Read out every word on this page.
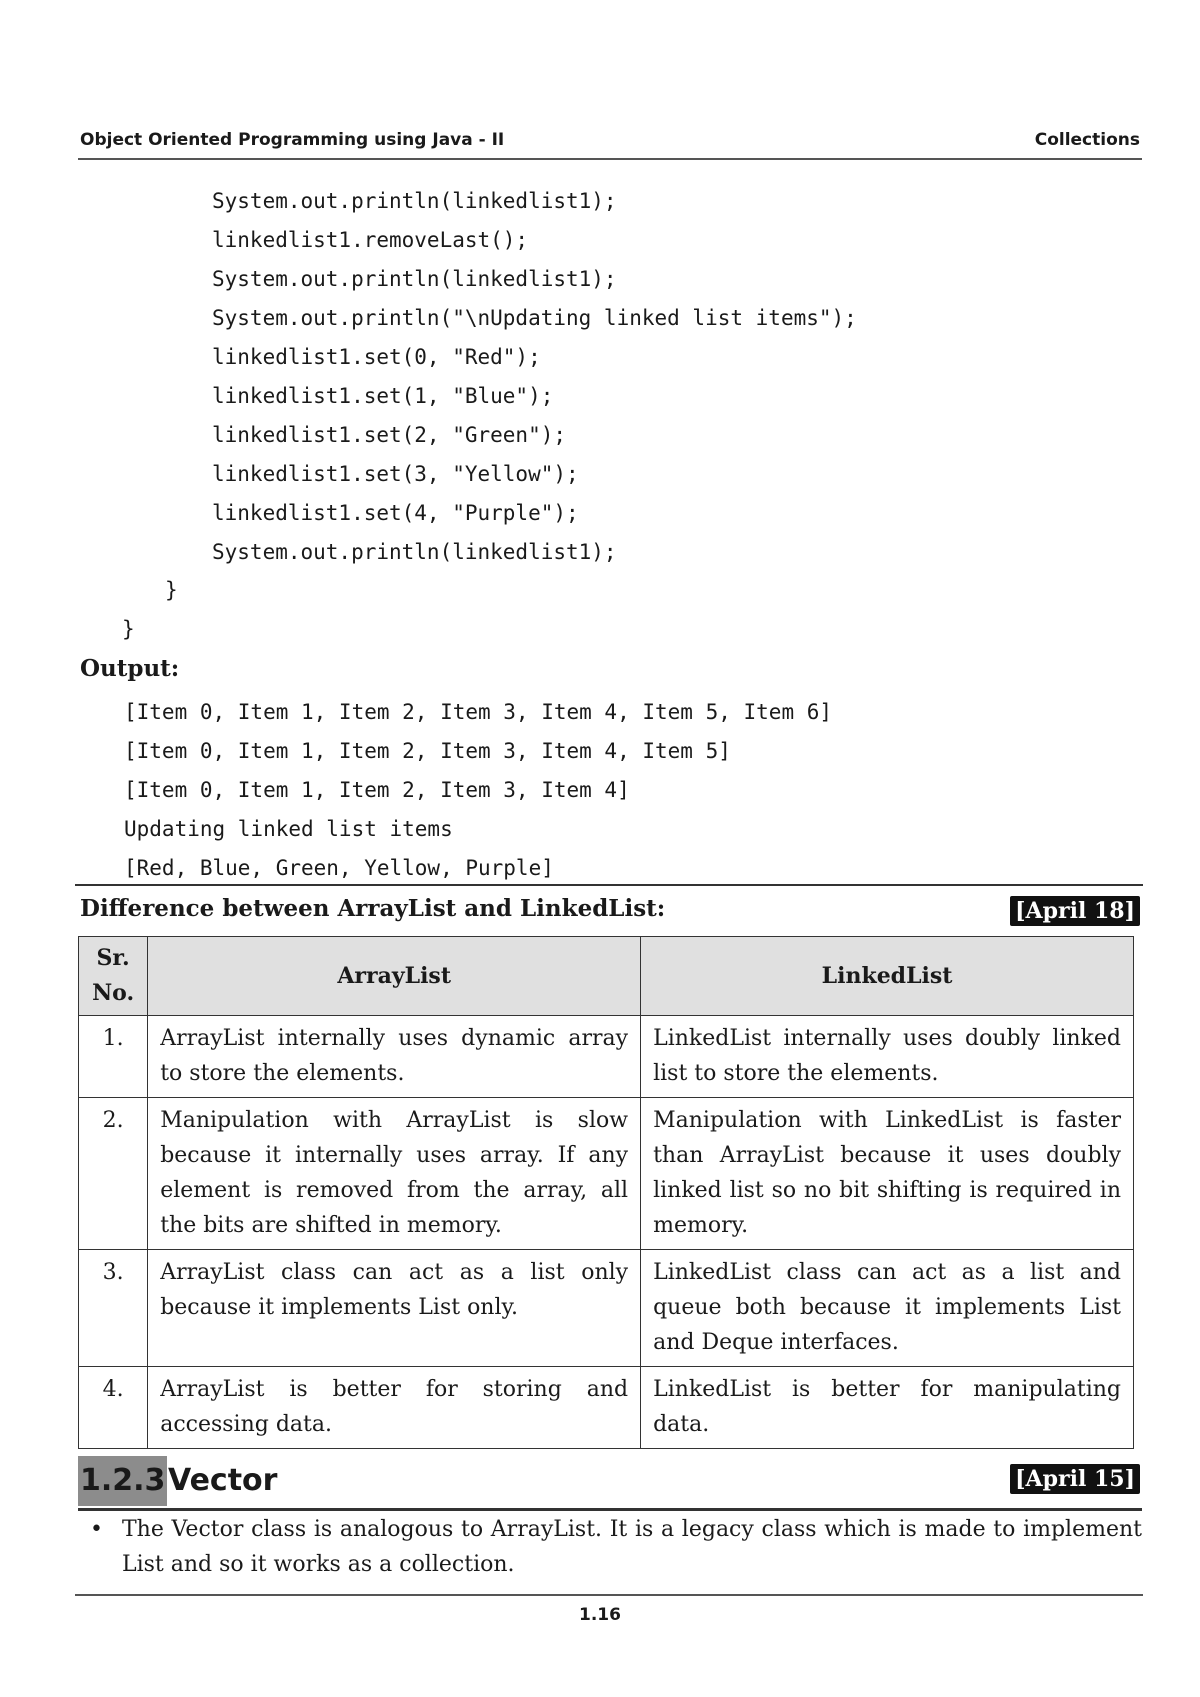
Object Oriented Programming using Java - II	Collections
System.out.println(linkedlist1);
linkedlist1.removeLast();
System.out.println(linkedlist1);
System.out.println("\nUpdating linked list items");
linkedlist1.set(0, "Red");
linkedlist1.set(1, "Blue");
linkedlist1.set(2, "Green");
linkedlist1.set(3, "Yellow");
linkedlist1.set(4, "Purple");
System.out.println(linkedlist1);
}
}
Output:
[Item 0, Item 1, Item 2, Item 3, Item 4, Item 5, Item 6]
[Item 0, Item 1, Item 2, Item 3, Item 4, Item 5]
[Item 0, Item 1, Item 2, Item 3, Item 4]
Updating linked list items
[Red, Blue, Green, Yellow, Purple]
Difference between ArrayList and LinkedList:	[April 18]
Sr. No.	ArrayList	LinkedList
1.	ArrayList internally uses dynamic array to store the elements.	LinkedList internally uses doubly linked list to store the elements.
2.	Manipulation with ArrayList is slow because it internally uses array. If any element is removed from the array, all the bits are shifted in memory.	Manipulation with LinkedList is faster than ArrayList because it uses doubly linked list so no bit shifting is required in memory.
3.	ArrayList class can act as a list only because it implements List only.	LinkedList class can act as a list and queue both because it implements List and Deque interfaces.
4.	ArrayList is better for storing and accessing data.	LinkedList is better for manipulating data.
1.2.3 Vector	[April 15]
• The Vector class is analogous to ArrayList. It is a legacy class which is made to implement List and so it works as a collection.
1.16
